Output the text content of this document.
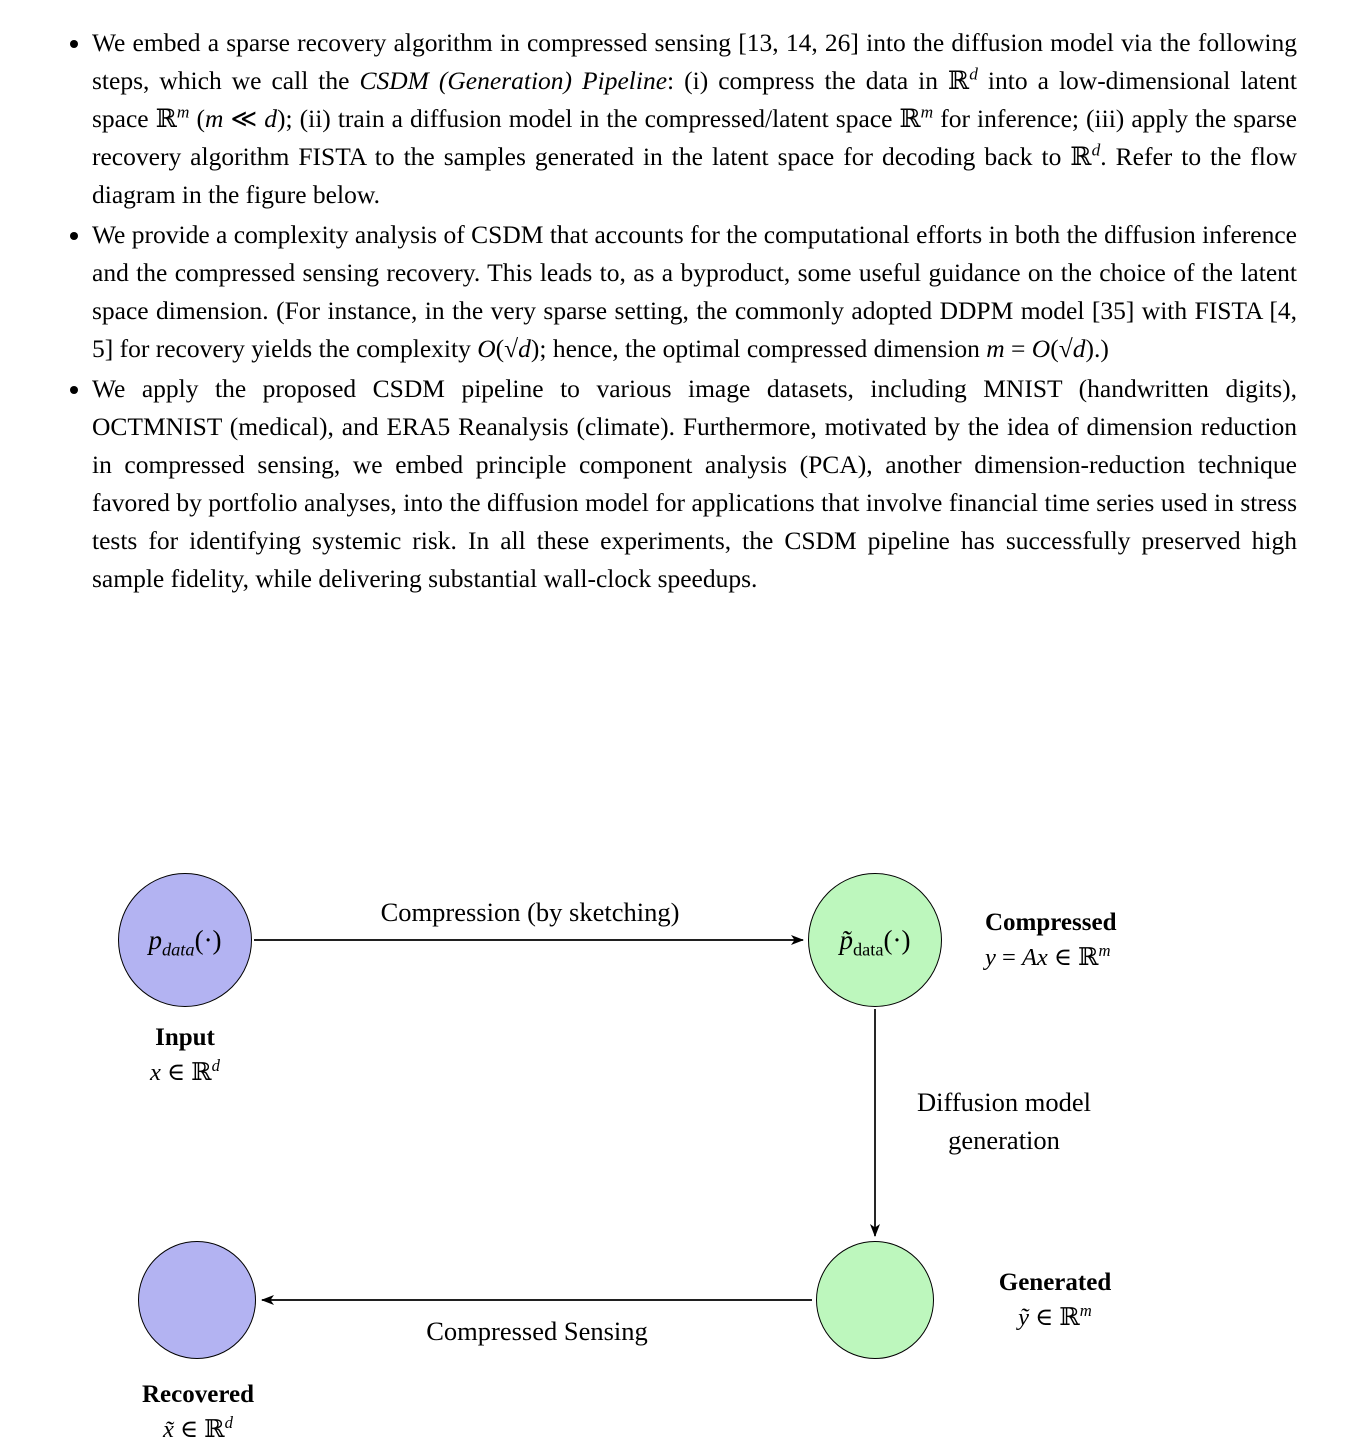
• We embed a sparse recovery algorithm in compressed sensing [13, 14, 26] into the diffusion model via the following steps, which we call the CSDM (Generation) Pipeline: (i) compress the data in ℝ$^d$ into a low-dimensional latent space ℝ$^m$ (m ≪ d); (ii) train a diffusion model in the compressed/latent space ℝ$^m$ for inference; (iii) apply the sparse recovery algorithm FISTA to the samples generated in the latent space for decoding back to ℝ$^d$. Refer to the flow diagram in the figure below.
• We provide a complexity analysis of CSDM that accounts for the computational efforts in both the diffusion inference and the compressed sensing recovery. This leads to, as a byproduct, some useful guidance on the choice of the latent space dimension. (For instance, in the very sparse setting, the commonly adopted DDPM model [35] with FISTA [4, 5] for recovery yields the complexity O(√d); hence, the optimal compressed dimension m = O(√d).)
• We apply the proposed CSDM pipeline to various image datasets, including MNIST (handwritten digits), OCTMNIST (medical), and ERA5 Reanalysis (climate). Furthermore, motivated by the idea of dimension reduction in compressed sensing, we embed principle component analysis (PCA), another dimension-reduction technique favored by portfolio analyses, into the diffusion model for applications that involve financial time series used in stress tests for identifying systemic risk. In all these experiments, the CSDM pipeline has successfully preserved high sample fidelity, while delivering substantial wall-clock speedups.
$p_{data}(\cdot)$	$p̃_{data}(\cdot)$
Compression (by sketching)
Diffusion model
generation
Compressed Sensing
Input
x ∈ ℝ$^d$
Compressed
y = Ax ∈ ℝ$^m$
Generated
ỹ ∈ ℝ$^m$
Recovered
x̃ ∈ ℝ$^d$
